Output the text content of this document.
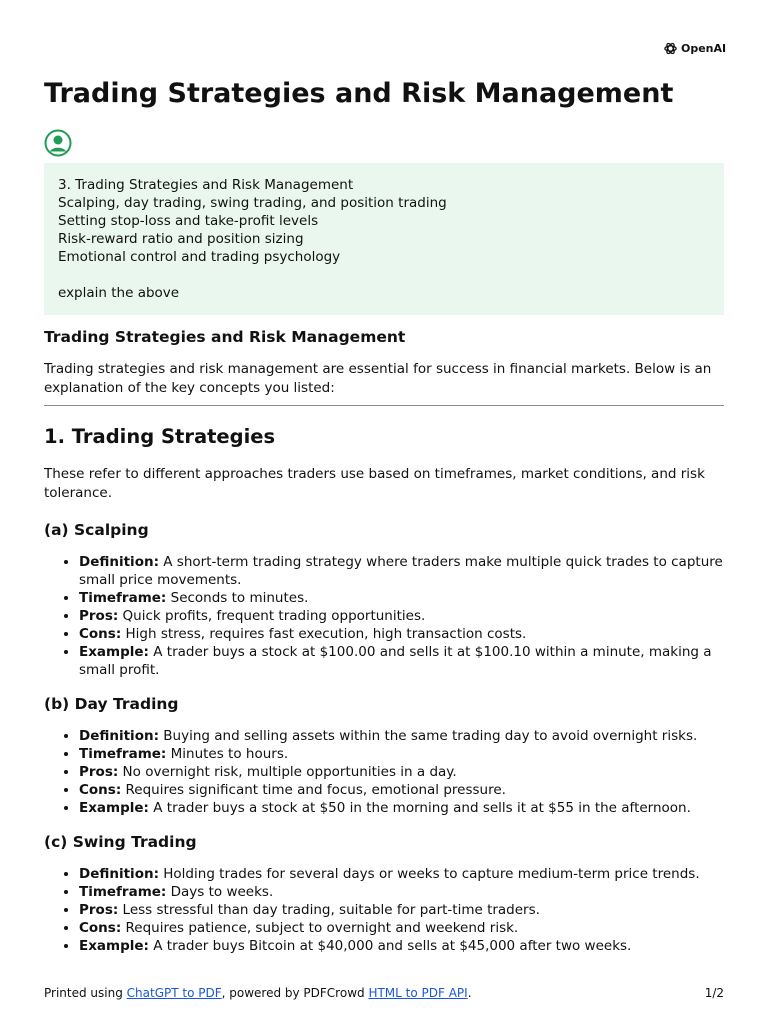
OpenAI
Trading Strategies and Risk Management
3. Trading Strategies and Risk Management
Scalping, day trading, swing trading, and position trading
Setting stop-loss and take-profit levels
Risk-reward ratio and position sizing
Emotional control and trading psychology
explain the above
Trading Strategies and Risk Management

Trading strategies and risk management are essential for success in financial markets. Below is an explanation of the key concepts you listed:

1. Trading Strategies

These refer to different approaches traders use based on timeframes, market conditions, and risk tolerance.

(a) Scalping
• Definition: A short-term trading strategy where traders make multiple quick trades to capture small price movements.
• Timeframe: Seconds to minutes.
• Pros: Quick profits, frequent trading opportunities.
• Cons: High stress, requires fast execution, high transaction costs.
• Example: A trader buys a stock at $100.00 and sells it at $100.10 within a minute, making a small profit.
(b) Day Trading
• Definition: Buying and selling assets within the same trading day to avoid overnight risks.
• Timeframe: Minutes to hours.
• Pros: No overnight risk, multiple opportunities in a day.
• Cons: Requires significant time and focus, emotional pressure.
• Example: A trader buys a stock at $50 in the morning and sells it at $55 in the afternoon.
(c) Swing Trading
• Definition: Holding trades for several days or weeks to capture medium-term price trends.
• Timeframe: Days to weeks.
• Pros: Less stressful than day trading, suitable for part-time traders.
• Cons: Requires patience, subject to overnight and weekend risk.
• Example: A trader buys Bitcoin at $40,000 and sells at $45,000 after two weeks.
Printed using ChatGPT to PDF, powered by PDFCrowd HTML to PDF API.	1/2
